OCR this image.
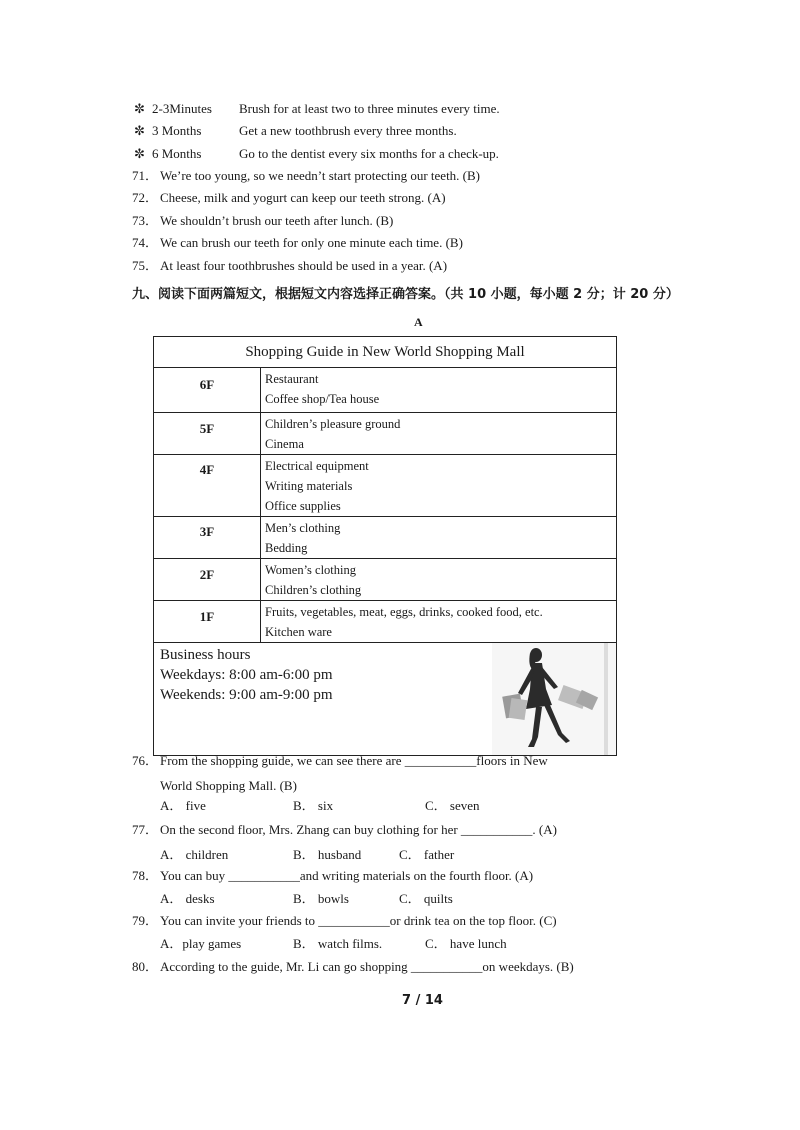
✼ 2-3Minutes Brush for at least two to three minutes every time.
✼ 3 Months	Get a new toothbrush every three months.
✼ 6 Months	Go to the dentist every six months for a check-up.
71． We’re too young, so we needn’t start protecting our teeth. (B)
72． Cheese, milk and yogurt can keep our teeth strong. (A)
73． We shouldn’t brush our teeth after lunch. (B)
74． We can brush our teeth for only one minute each time. (B)
75． At least four toothbrushes should be used in a year. (A)
九、阅读下面两篇短文，根据短文内容选择正确答案。（共 10 小题，每小题 2 分；计 20 分）
A
Shopping Guide in New World Shopping Mall	
6F	Restaurant
Coffee shop/Tea house

5F	Children’s pleasure ground
Cinema

4F	Electrical equipment
Writing materials
Office supplies

3F	Men’s clothing
Bedding

2F	Women’s clothing
Children’s clothing

1F	Fruits, vegetables, meat, eggs, drinks, cooked food, etc.
Kitchen ware

Business hours
Weekdays: 8:00 am-6:00 pm
Weekends: 9:00 am-9:00 pm	
76． From the shopping guide, we can see there are ___________floors in New
World Shopping Mall. (B)
A． five	B． six	C． seven
77． On the second floor, Mrs. Zhang can buy clothing for her ___________. (A)
A． children	B． husband	C． father
78． You can buy ___________and writing materials on the fourth floor. (A)
A． desks	B． bowls	C． quilts
79． You can invite your friends to ___________or drink tea on the top floor. (C)
A．play games	B． watch films.	C． have lunch
80． According to the guide, Mr. Li can go shopping ___________on weekdays. (B)
7 / 14
